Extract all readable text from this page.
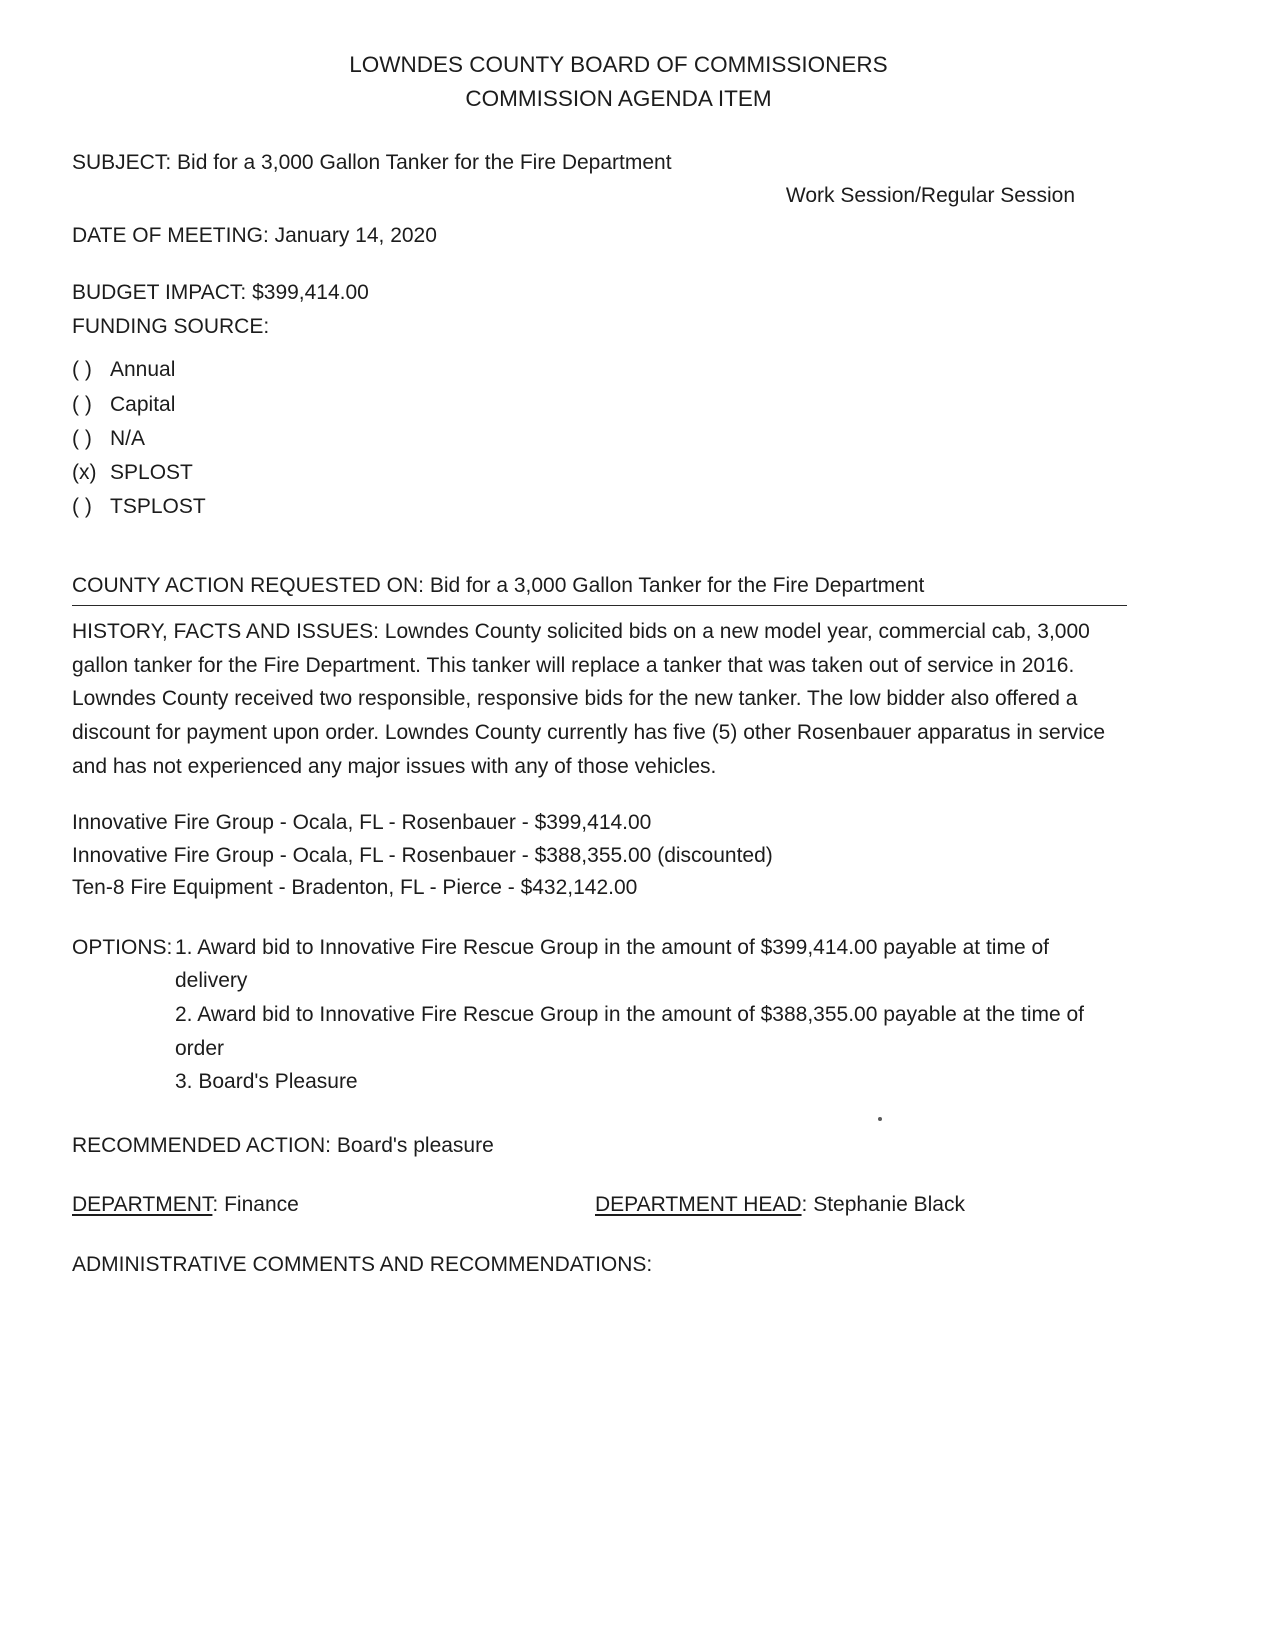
LOWNDES COUNTY BOARD OF COMMISSIONERS
COMMISSION AGENDA ITEM
SUBJECT: Bid for a 3,000 Gallon Tanker for the Fire Department
Work Session/Regular Session
DATE OF MEETING: January 14, 2020
BUDGET IMPACT: $399,414.00
FUNDING SOURCE:
( ) Annual
( ) Capital
( ) N/A
(x) SPLOST
( ) TSPLOST
COUNTY ACTION REQUESTED ON: Bid for a 3,000 Gallon Tanker for the Fire Department

HISTORY, FACTS AND ISSUES: Lowndes County solicited bids on a new model year, commercial cab, 3,000 gallon tanker for the Fire Department. This tanker will replace a tanker that was taken out of service in 2016. Lowndes County received two responsible, responsive bids for the new tanker. The low bidder also offered a discount for payment upon order. Lowndes County currently has five (5) other Rosenbauer apparatus in service and has not experienced any major issues with any of those vehicles.

Innovative Fire Group - Ocala, FL - Rosenbauer - $399,414.00
Innovative Fire Group - Ocala, FL - Rosenbauer - $388,355.00 (discounted)
Ten-8 Fire Equipment - Bradenton, FL - Pierce - $432,142.00
OPTIONS: 1. Award bid to Innovative Fire Rescue Group in the amount of $399,414.00 payable at time of delivery
2. Award bid to Innovative Fire Rescue Group in the amount of $388,355.00 payable at the time of order
3. Board's Pleasure
RECOMMENDED ACTION: Board's pleasure
DEPARTMENT: Finance	DEPARTMENT HEAD: Stephanie Black
ADMINISTRATIVE COMMENTS AND RECOMMENDATIONS:
